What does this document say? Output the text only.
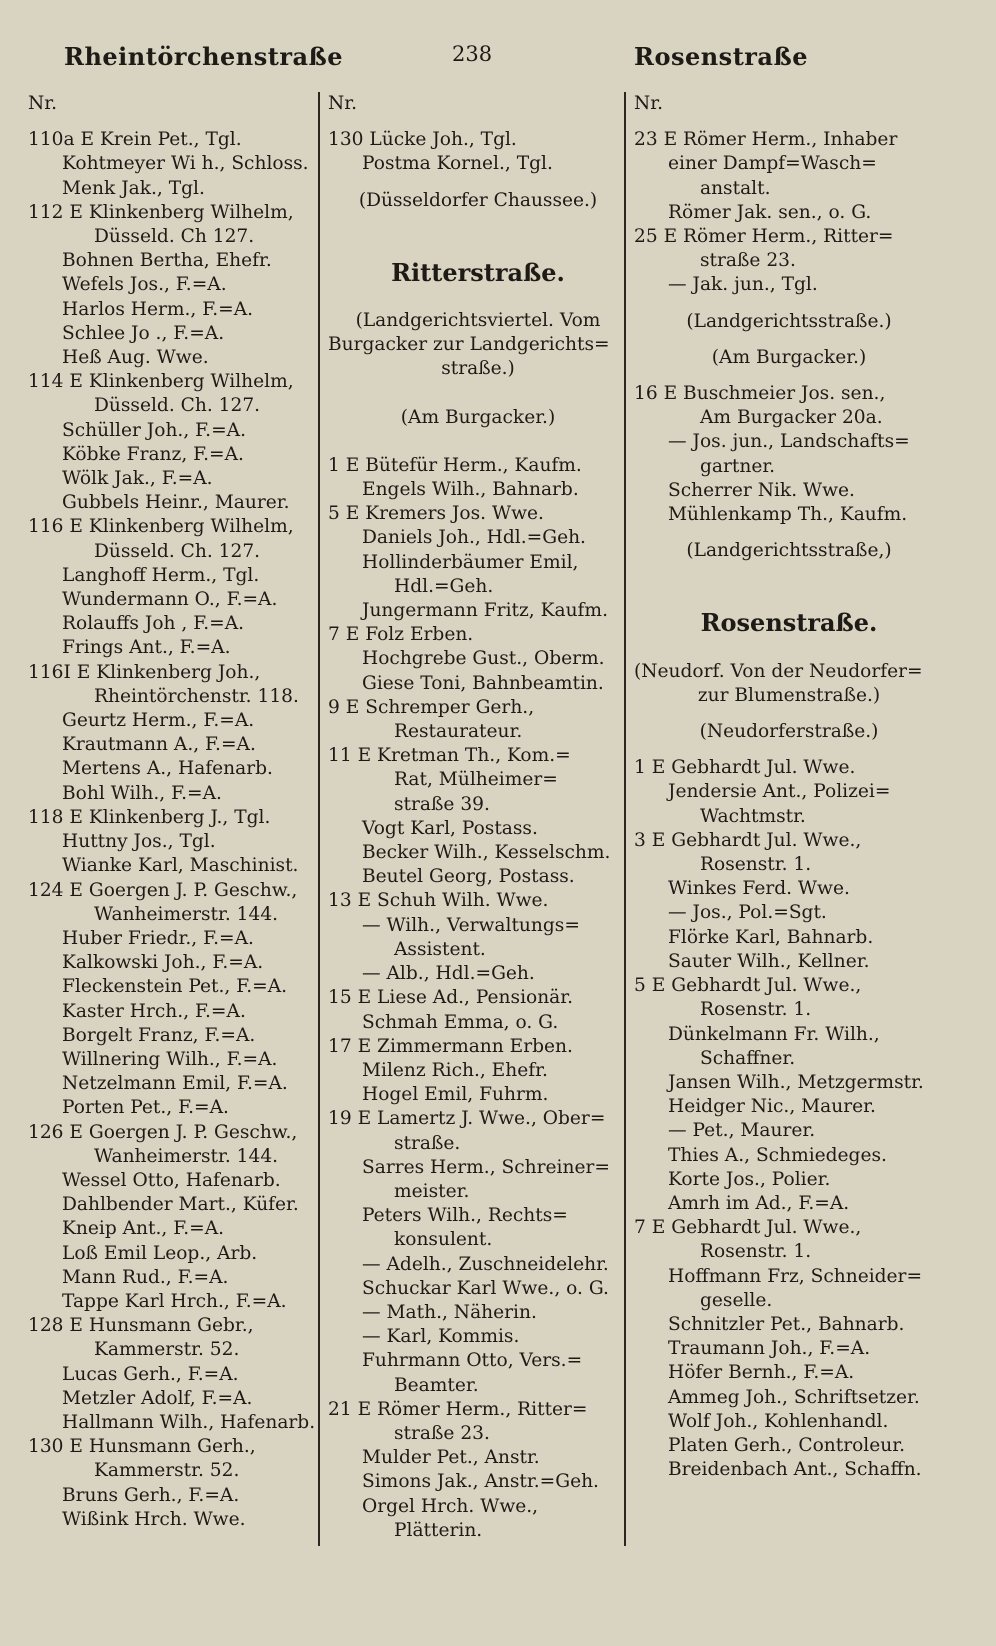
Rheintörchenstraße	238	Rosenstraße
Nr.
110a E Krein Pet., Tgl.
Kohtmeyer Wi h., Schloss.
Menk Jak., Tgl.
112 E Klinkenberg Wilhelm,
Düsseld. Ch 127.
Bohnen Bertha, Ehefr.
Wefels Jos., F.=A.
Harlos Herm., F.=A.
Schlee Jo ., F.=A.
Heß Aug. Wwe.
114 E Klinkenberg Wilhelm,
Düsseld. Ch. 127.
Schüller Joh., F.=A.
Köbke Franz, F.=A.
Wölk Jak., F.=A.
Gubbels Heinr., Maurer.
116 E Klinkenberg Wilhelm,
Düsseld. Ch. 127.
Langhoff Herm., Tgl.
Wundermann O., F.=A.
Rolauffs Joh , F.=A.
Frings Ant., F.=A.
116I E Klinkenberg Joh.,
Rheintörchenstr. 118.
Geurtz Herm., F.=A.
Krautmann A., F.=A.
Mertens A., Hafenarb.
Bohl Wilh., F.=A.
118 E Klinkenberg J., Tgl.
Huttny Jos., Tgl.
Wianke Karl, Maschinist.
124 E Goergen J. P. Geschw.,
Wanheimerstr. 144.
Huber Friedr., F.=A.
Kalkowski Joh., F.=A.
Fleckenstein Pet., F.=A.
Kaster Hrch., F.=A.
Borgelt Franz, F.=A.
Willnering Wilh., F.=A.
Netzelmann Emil, F.=A.
Porten Pet., F.=A.
126 E Goergen J. P. Geschw.,
Wanheimerstr. 144.
Wessel Otto, Hafenarb.
Dahlbender Mart., Küfer.
Kneip Ant., F.=A.
Loß Emil Leop., Arb.
Mann Rud., F.=A.
Tappe Karl Hrch., F.=A.
128 E Hunsmann Gebr.,
Kammerstr. 52.
Lucas Gerh., F.=A.
Metzler Adolf, F.=A.
Hallmann Wilh., Hafenarb.
130 E Hunsmann Gerh.,
Kammerstr. 52.
Bruns Gerh., F.=A.
Wißink Hrch. Wwe.
Nr.
130 Lücke Joh., Tgl.
Postma Kornel., Tgl.
(Düsseldorfer Chaussee.)
Ritterstraße.
(Landgerichtsviertel. Vom
Burgacker zur Landgerichts=
straße.)
(Am Burgacker.)
1 E Bütefür Herm., Kaufm.
Engels Wilh., Bahnarb.
5 E Kremers Jos. Wwe.
Daniels Joh., Hdl.=Geh.
Hollinderbäumer Emil,
Hdl.=Geh.
Jungermann Fritz, Kaufm.
7 E Folz Erben.
Hochgrebe Gust., Oberm.
Giese Toni, Bahnbeamtin.
9 E Schremper Gerh.,
Restaurateur.
11 E Kretman Th., Kom.=
Rat, Mülheimer=
straße 39.
Vogt Karl, Postass.
Becker Wilh., Kesselschm.
Beutel Georg, Postass.
13 E Schuh Wilh. Wwe.
— Wilh., Verwaltungs=
Assistent.
— Alb., Hdl.=Geh.
15 E Liese Ad., Pensionär.
Schmah Emma, o. G.
17 E Zimmermann Erben.
Milenz Rich., Ehefr.
Hogel Emil, Fuhrm.
19 E Lamertz J. Wwe., Ober=
straße.
Sarres Herm., Schreiner=
meister.
Peters Wilh., Rechts=
konsulent.
— Adelh., Zuschneidelehr.
Schuckar Karl Wwe., o. G.
— Math., Näherin.
— Karl, Kommis.
Fuhrmann Otto, Vers.=
Beamter.
21 E Römer Herm., Ritter=
straße 23.
Mulder Pet., Anstr.
Simons Jak., Anstr.=Geh.
Orgel Hrch. Wwe.,
Plätterin.
Nr.
23 E Römer Herm., Inhaber
einer Dampf=Wasch=
anstalt.
Römer Jak. sen., o. G.
25 E Römer Herm., Ritter=
straße 23.
— Jak. jun., Tgl.
(Landgerichtsstraße.)
(Am Burgacker.)
16 E Buschmeier Jos. sen.,
Am Burgacker 20a.
— Jos. jun., Landschafts=
gartner.
Scherrer Nik. Wwe.
Mühlenkamp Th., Kaufm.
(Landgerichtsstraße,)
Rosenstraße.
(Neudorf. Von der Neudorfer=
zur Blumenstraße.)
(Neudorferstraße.)
1 E Gebhardt Jul. Wwe.
Jendersie Ant., Polizei=
Wachtmstr.
3 E Gebhardt Jul. Wwe.,
Rosenstr. 1.
Winkes Ferd. Wwe.
— Jos., Pol.=Sgt.
Flörke Karl, Bahnarb.
Sauter Wilh., Kellner.
5 E Gebhardt Jul. Wwe.,
Rosenstr. 1.
Dünkelmann Fr. Wilh.,
Schaffner.
Jansen Wilh., Metzgermstr.
Heidger Nic., Maurer.
— Pet., Maurer.
Thies A., Schmiedeges.
Korte Jos., Polier.
Amrh im Ad., F.=A.
7 E Gebhardt Jul. Wwe.,
Rosenstr. 1.
Hoffmann Frz, Schneider=
geselle.
Schnitzler Pet., Bahnarb.
Traumann Joh., F.=A.
Höfer Bernh., F.=A.
Ammeg Joh., Schriftsetzer.
Wolf Joh., Kohlenhandl.
Platen Gerh., Controleur.
Breidenbach Ant., Schaffn.
